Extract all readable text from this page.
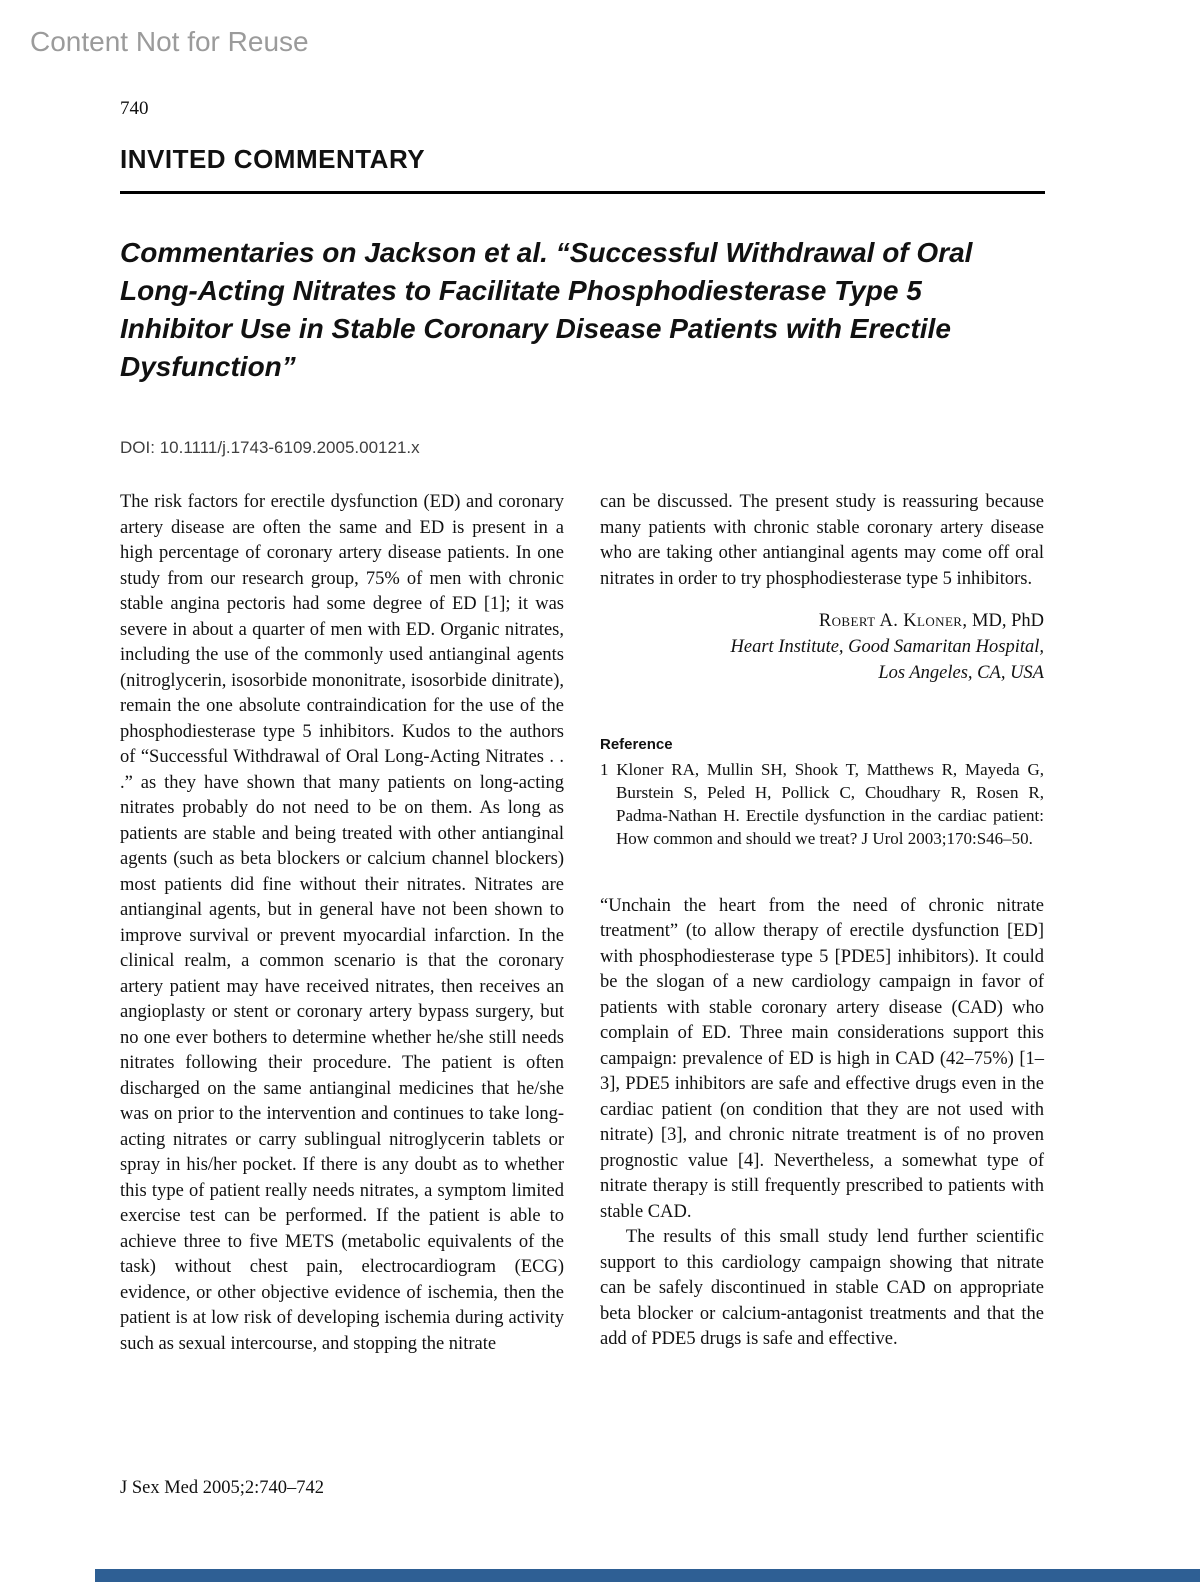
Content Not for Reuse
740
INVITED COMMENTARY
Commentaries on Jackson et al. “Successful Withdrawal of Oral Long-Acting Nitrates to Facilitate Phosphodiesterase Type 5 Inhibitor Use in Stable Coronary Disease Patients with Erectile Dysfunction”
DOI: 10.1111/j.1743-6109.2005.00121.x

The risk factors for erectile dysfunction (ED) and coronary artery disease are often the same and ED is present in a high percentage of coronary artery disease patients. In one study from our research group, 75% of men with chronic stable angina pectoris had some degree of ED [1]; it was severe in about a quarter of men with ED. Organic nitrates, including the use of the commonly used antianginal agents (nitroglycerin, isosorbide mononitrate, isosorbide dinitrate), remain the one absolute contraindication for the use of the phosphodiesterase type 5 inhibitors. Kudos to the authors of “Successful Withdrawal of Oral Long-Acting Nitrates . . .” as they have shown that many patients on long-acting nitrates probably do not need to be on them. As long as patients are stable and being treated with other antianginal agents (such as beta blockers or calcium channel blockers) most patients did fine without their nitrates. Nitrates are antianginal agents, but in general have not been shown to improve survival or prevent myocardial infarction. In the clinical realm, a common scenario is that the coronary artery patient may have received nitrates, then receives an angioplasty or stent or coronary artery bypass surgery, but no one ever bothers to determine whether he/she still needs nitrates following their procedure. The patient is often discharged on the same antianginal medicines that he/she was on prior to the intervention and continues to take long-acting nitrates or carry sublingual nitroglycerin tablets or spray in his/her pocket. If there is any doubt as to whether this type of patient really needs nitrates, a symptom limited exercise test can be performed. If the patient is able to achieve three to five METS (metabolic equivalents of the task) without chest pain, electrocardiogram (ECG) evidence, or other objective evidence of ischemia, then the patient is at low risk of developing ischemia during activity such as sexual intercourse, and stopping the nitrate

can be discussed. The present study is reassuring because many patients with chronic stable coronary artery disease who are taking other antianginal agents may come off oral nitrates in order to try phosphodiesterase type 5 inhibitors.

Robert A. Kloner, MD, PhD
Heart Institute, Good Samaritan Hospital,
Los Angeles, CA, USA
Reference

1 Kloner RA, Mullin SH, Shook T, Matthews R, Mayeda G, Burstein S, Peled H, Pollick C, Choudhary R, Rosen R, Padma-Nathan H. Erectile dysfunction in the cardiac patient: How common and should we treat? J Urol 2003;170:S46–50.

“Unchain the heart from the need of chronic nitrate treatment” (to allow therapy of erectile dysfunction [ED] with phosphodiesterase type 5 [PDE5] inhibitors). It could be the slogan of a new cardiology campaign in favor of patients with stable coronary artery disease (CAD) who complain of ED. Three main considerations support this campaign: prevalence of ED is high in CAD (42–75%) [1–3], PDE5 inhibitors are safe and effective drugs even in the cardiac patient (on condition that they are not used with nitrate) [3], and chronic nitrate treatment is of no proven prognostic value [4]. Nevertheless, a somewhat type of nitrate therapy is still frequently prescribed to patients with stable CAD.

The results of this small study lend further scientific support to this cardiology campaign showing that nitrate can be safely discontinued in stable CAD on appropriate beta blocker or calcium-antagonist treatments and that the add of PDE5 drugs is safe and effective.

J Sex Med 2005;2:740–742
